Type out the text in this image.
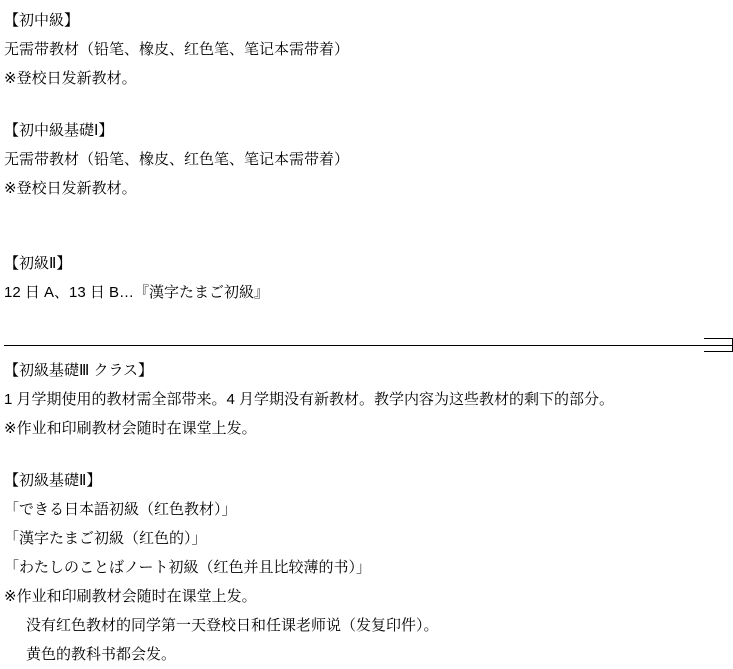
【初中級】
无需带教材（铅笔、橡皮、红色笔、笔记本需带着）
※登校日发新教材。
【初中級基礎Ⅰ】
无需带教材（铅笔、橡皮、红色笔、笔记本需带着）
※登校日发新教材。
【初級Ⅱ】
12 日 A、13 日 B…『漢字たまご初級』
【初級基礎Ⅲ クラス】
1 月学期使用的教材需全部带来。4 月学期没有新教材。教学内容为这些教材的剩下的部分。
※作业和印刷教材会随时在课堂上发。
【初級基礎Ⅱ】
「できる日本語初級（红色教材）」
「漢字たまご初級（红色的）」
「わたしのことばノート初級（红色并且比较薄的书）」
※作业和印刷教材会随时在课堂上发。
没有红色教材的同学第一天登校日和任课老师说（发复印件）。
黄色的教科书都会发。
